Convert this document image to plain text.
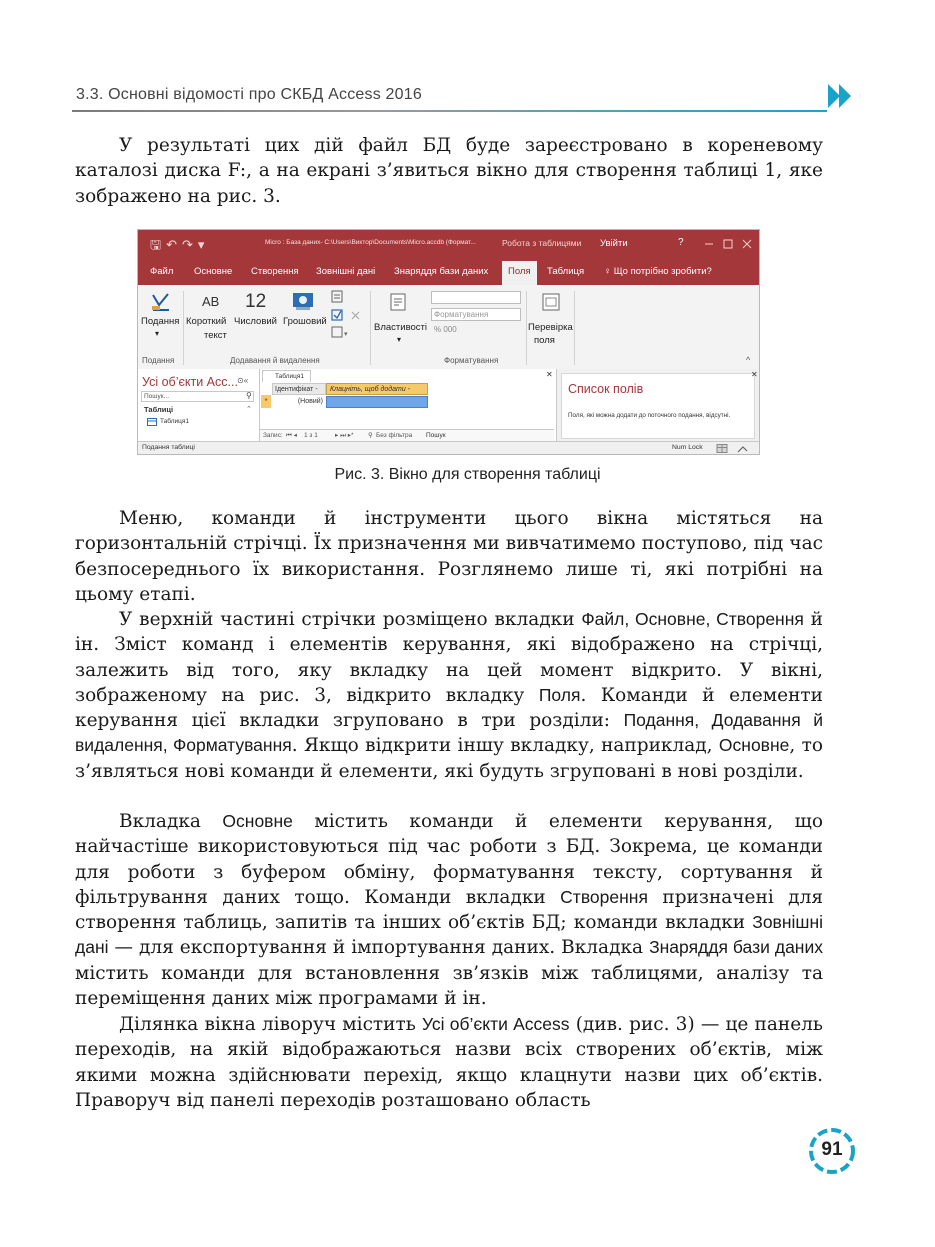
3.3. Основні відомості про СКБД Access 2016

У результаті цих дій файл БД буде зареєстровано в кореневому каталозі диска F:, а на екрані з’явиться вікно для створення таблиці 1, яке зображено на рис. 3.

🖫↶↷▾	Micro : База даних- C:\Users\Виктор\Documents\Micro.accdb (Формат...	Робота з таблицями Увійти	?
Файл Основне Створення Зовнішні дані Знаряддя бази даних	Поля	Таблиця ♀ Що потрібно зробити?
Подання
▾
AB
Короткий
текст
12
Числовий Грошовий
▾
Властивості
▾
Форматування
% 000	Перевірка
поля
Подання	Додавання й видалення	Форматування	^
Усі об’єкти Acc... ⊙«
Пошук...	⚲
Таблиці	⌃
Таблиця1
Таблиця1	✕
Ідентифікат -	Клацніть, щоб додати -
*	(Новий)
Запис: ⏮ ◂ 1 з 1	▸ ⏭ ▸* ⚲ Без фільтра Пошук
Список полів
Поля, які можна додати до поточного подання, відсутні.
✕
Подання таблиці	Num Lock
Рис. 3. Вікно для створення таблиці

Меню, команди й інструменти цього вікна містяться на горизонтальній стрічці. Їх призначення ми вивчатимемо поступово, під час безпосереднього їх використання. Розглянемо лише ті, які потрібні на цьому етапі.

У верхній частині стрічки розміщено вкладки Файл, Основне, Створення й ін. Зміст команд і елементів керування, які відображено на стрічці, залежить від того, яку вкладку на цей момент відкрито. У вікні, зображеному на рис. 3, відкрито вкладку Поля. Команди й елементи керування цієї вкладки згруповано в три розділи: Подання, Додавання й видалення, Форматування. Якщо відкрити іншу вкладку, наприклад, Основне, то з’являться нові команди й елементи, які будуть згруповані в нові розділи.

Вкладка Основне містить команди й елементи керування, що найчастіше використовуються під час роботи з БД. Зокрема, це команди для роботи з буфером обміну, форматування тексту, сортування й фільтрування даних тощо. Команди вкладки Створення призначені для створення таблиць, запитів та інших об’єктів БД; команди вкладки Зовнішні дані — для експортування й імпортування даних. Вкладка Знаряддя бази даних містить команди для встановлення зв’язків між таблицями, аналізу та переміщення даних між програмами й ін.

Ділянка вікна ліворуч містить Усі об’єкти Access (див. рис. 3) — це панель переходів, на якій відображаються назви всіх створених об’єктів, між якими можна здійснювати перехід, якщо клацнути назви цих об’єктів. Праворуч від панелі переходів розташовано область

91
